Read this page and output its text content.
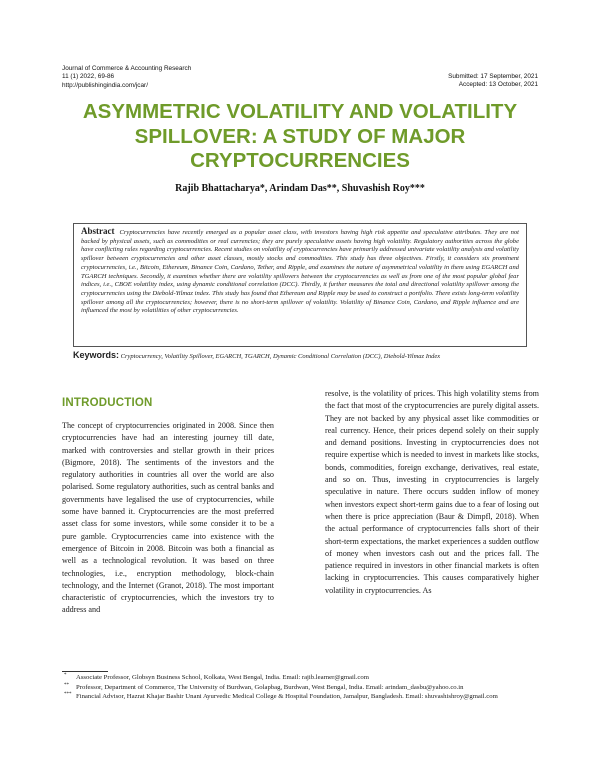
Journal of Commerce & Accounting Research
11 (1) 2022, 69-86
http://publishingindia.com/jcar/
Submitted: 17 September, 2021
Accepted: 13 October, 2021
ASYMMETRIC VOLATILITY AND VOLATILITY SPILLOVER: A STUDY OF MAJOR CRYPTOCURRENCIES
Rajib Bhattacharya*, Arindam Das**, Shuvashish Roy***

Abstract Cryptocurrencies have recently emerged as a popular asset class, with investors having high risk appetite and speculative attributes. They are not backed by physical assets, such as commodities or real currencies; they are purely speculative assets having high volatility. Regulatory authorities across the globe have conflicting rules regarding cryptocurrencies. Recent studies on volatility of cryptocurrencies have primarily addressed univariate volatility analysis and volatility spillover between cryptocurrencies and other asset classes, mostly stocks and commodities. This study has three objectives. Firstly, it considers six prominent cryptocurrencies, i.e., Bitcoin, Ethereum, Binance Coin, Cardano, Tether, and Ripple, and examines the nature of asymmetrical volatility in them using EGARCH and TGARCH techniques. Secondly, it examines whether there are volatility spillovers between the cryptocurrencies as well as from one of the most popular global fear indices, i.e., CBOE volatility index, using dynamic conditional correlation (DCC). Thirdly, it further measures the total and directional volatility spillover among the cryptocurrencies using the Diebold-Yilmaz index. This study has found that Ethereum and Ripple may be used to construct a portfolio. There exists long-term volatility spillover among all the cryptocurrencies; however, there is no short-term spillover of volatility. Volatility of Binance Coin, Cardano, and Ripple influence and are influenced the most by volatilities of other cryptocurrencies.

Keywords: Cryptocurrency, Volatility Spillover, EGARCH, TGARCH, Dynamic Conditional Correlation (DCC), Diebold-Yilmaz Index
INTRODUCTION

The concept of cryptocurrencies originated in 2008. Since then cryptocurrencies have had an interesting journey till date, marked with controversies and stellar growth in their prices (Bigmore, 2018). The sentiments of the investors and the regulatory authorities in countries all over the world are also polarised. Some regulatory authorities, such as central banks and governments have legalised the use of cryptocurrencies, while some have banned it. Cryptocurrencies are the most preferred asset class for some investors, while some consider it to be a pure gamble. Cryptocurrencies came into existence with the emergence of Bitcoin in 2008. Bitcoin was both a financial as well as a technological revolution. It was based on three technologies, i.e., encryption methodology, block-chain technology, and the Internet (Granot, 2018). The most important characteristic of cryptocurrencies, which the investors try to address and

resolve, is the volatility of prices. This high volatility stems from the fact that most of the cryptocurrencies are purely digital assets. They are not backed by any physical asset like commodities or real currency. Hence, their prices depend solely on their supply and demand positions. Investing in cryptocurrencies does not require expertise which is needed to invest in markets like stocks, bonds, commodities, foreign exchange, derivatives, real estate, and so on. Thus, investing in cryptocurrencies is largely speculative in nature. There occurs sudden inflow of money when investors expect short-term gains due to a fear of losing out when there is price appreciation (Baur & Dimpfl, 2018). When the actual performance of cryptocurrencies falls short of their short-term expectations, the market experiences a sudden outflow of money when investors cash out and the prices fall. The patience required in investors in other financial markets is often lacking in cryptocurrencies. This causes comparatively higher volatility in cryptocurrencies. As

* Associate Professor, Globsyn Business School, Kolkata, West Bengal, India. Email: rajib.learner@gmail.com
** Professor, Department of Commerce, The University of Burdwan, Golapbag, Burdwan, West Bengal, India. Email: arindam_dasbu@yahoo.co.in
*** Financial Advisor, Hazrat Khajar Bashir Unani Ayurvedic Medical College & Hospital Foundation, Jamalpur, Bangladesh. Email: shuvashishroy@gmail.com
